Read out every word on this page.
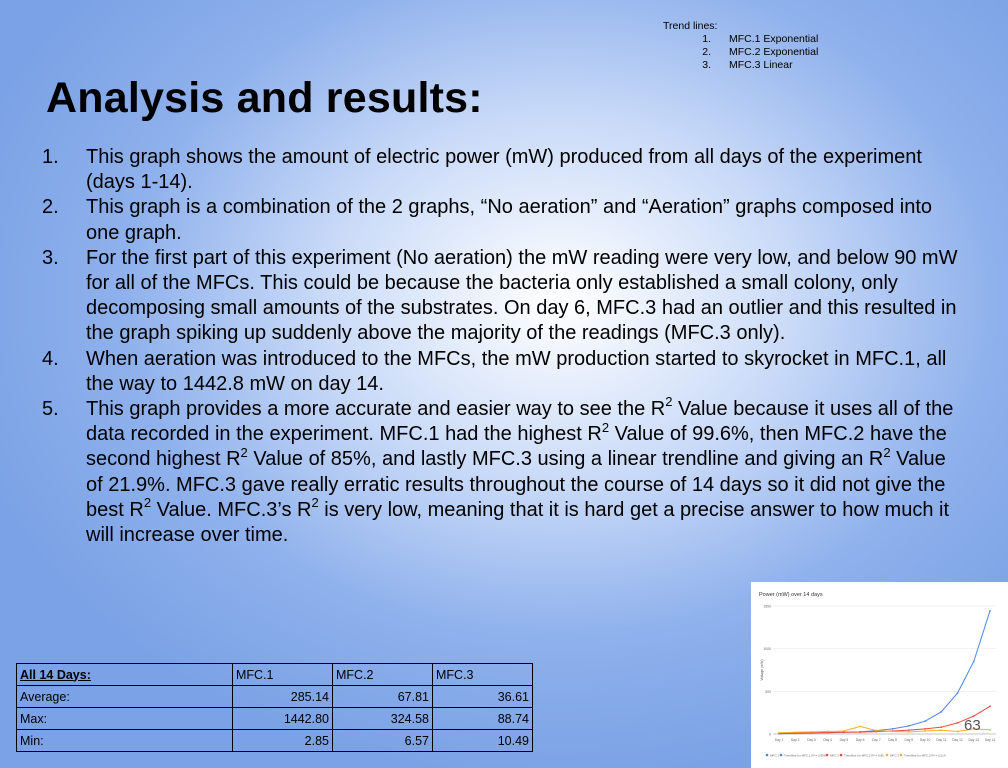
Trend lines:
1.	MFC.1 Exponential
2.	MFC.2 Exponential
3.	MFC.3 Linear
Analysis and results:
1.	This graph shows the amount of electric power (mW) produced from all days of the experiment (days 1-14).
2.	This graph is a combination of the 2 graphs, “No aeration” and “Aeration” graphs composed into one graph.
3.	For the first part of this experiment (No aeration) the mW reading were very low, and below 90 mW for all of the MFCs. This could be because the bacteria only established a small colony, only decomposing small amounts of the substrates. On day 6, MFC.3 had an outlier and this resulted in the graph spiking up suddenly above the majority of the readings (MFC.3 only).
4.	When aeration was introduced to the MFCs, the mW production started to skyrocket in MFC.1, all the way to 1442.8 mW on day 14.
5.	This graph provides a more accurate and easier way to see the $R^2$ Value because it uses all of the data recorded in the experiment. MFC.1 had the highest $R^2$ Value of 99.6%, then MFC.2 have the second highest $R^2$ Value of 85%, and lastly MFC.3 using a linear trendline and giving an $R^2$ Value of 21.9%. MFC.3 gave really erratic results throughout the course of 14 days so it did not give the best $R^2$ Value. MFC.3’s $R^2$ is very low, meaning that it is hard get a precise answer to how much it will increase over time.
All 14 Days:	MFC.1	MFC.2	MFC.3
Average:	285.14	67.81	36.61
Max:	1442.80	324.58	88.74
Min:	2.85	6.57	10.49
Power (mW) over 14 days
Voltage (mW)
1500
1000
500
0
Day 1 Day 2 Day 3 Day 4 Day 5 Day 6 Day 7 Day 8 Day 9 Day 10 Day 11 Day 12 Day 13 Day 14
MFC.1 Trendline for MFC.1 R² = 0.996 MFC.2 Trendline for MFC.2 R² = 0.85 MFC.3 Trendline for MFC.3 R² = 0.219
63
